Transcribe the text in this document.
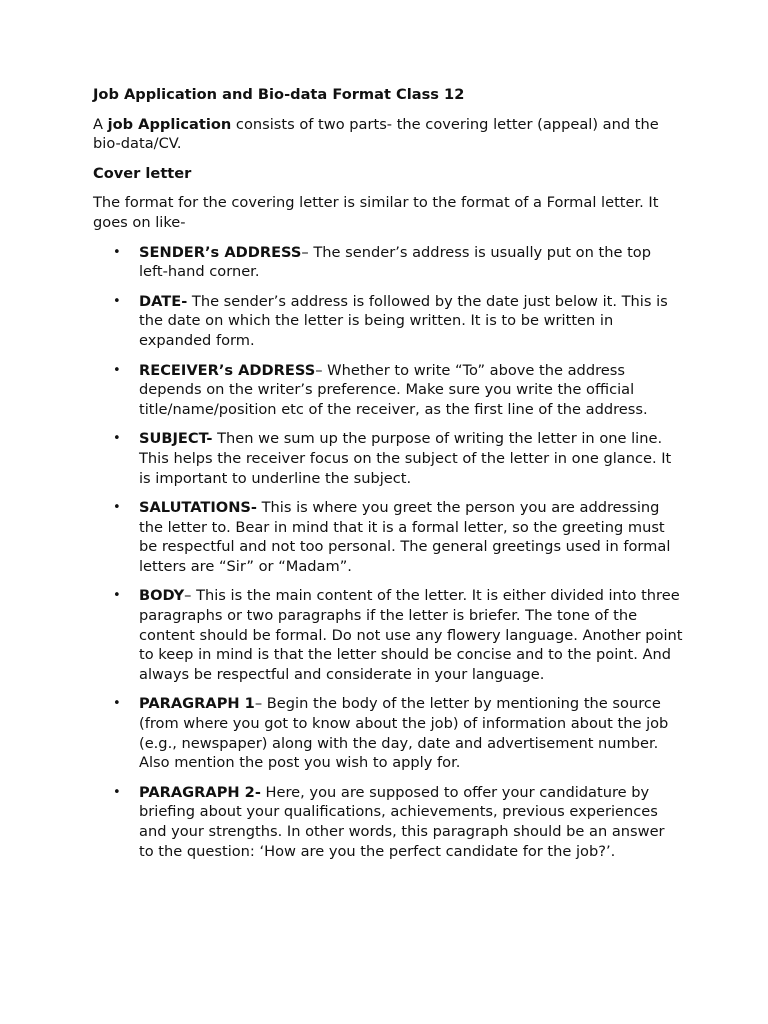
Job Application and Bio-data Format Class 12

A job Application consists of two parts- the covering letter (appeal) and the bio-data/CV.

Cover letter

The format for the covering letter is similar to the format of a Formal letter. It goes on like-

• SENDER’s ADDRESS– The sender’s address is usually put on the top left-hand corner.
• DATE- The sender’s address is followed by the date just below it. This is the date on which the letter is being written. It is to be written in expanded form.
• RECEIVER’s ADDRESS– Whether to write “To” above the address depends on the writer’s preference. Make sure you write the official title/name/position etc of the receiver, as the first line of the address.
• SUBJECT- Then we sum up the purpose of writing the letter in one line. This helps the receiver focus on the subject of the letter in one glance. It is important to underline the subject.
• SALUTATIONS- This is where you greet the person you are addressing the letter to. Bear in mind that it is a formal letter, so the greeting must be respectful and not too personal. The general greetings used in formal letters are “Sir” or “Madam”.
• BODY– This is the main content of the letter. It is either divided into three paragraphs or two paragraphs if the letter is briefer. The tone of the content should be formal. Do not use any flowery language. Another point to keep in mind is that the letter should be concise and to the point. And always be respectful and considerate in your language.
• PARAGRAPH 1– Begin the body of the letter by mentioning the source (from where you got to know about the job) of information about the job (e.g., newspaper) along with the day, date and advertisement number. Also mention the post you wish to apply for.
• PARAGRAPH 2- Here, you are supposed to offer your candidature by briefing about your qualifications, achievements, previous experiences and your strengths. In other words, this paragraph should be an answer to the question: ‘How are you the perfect candidate for the job?’.
